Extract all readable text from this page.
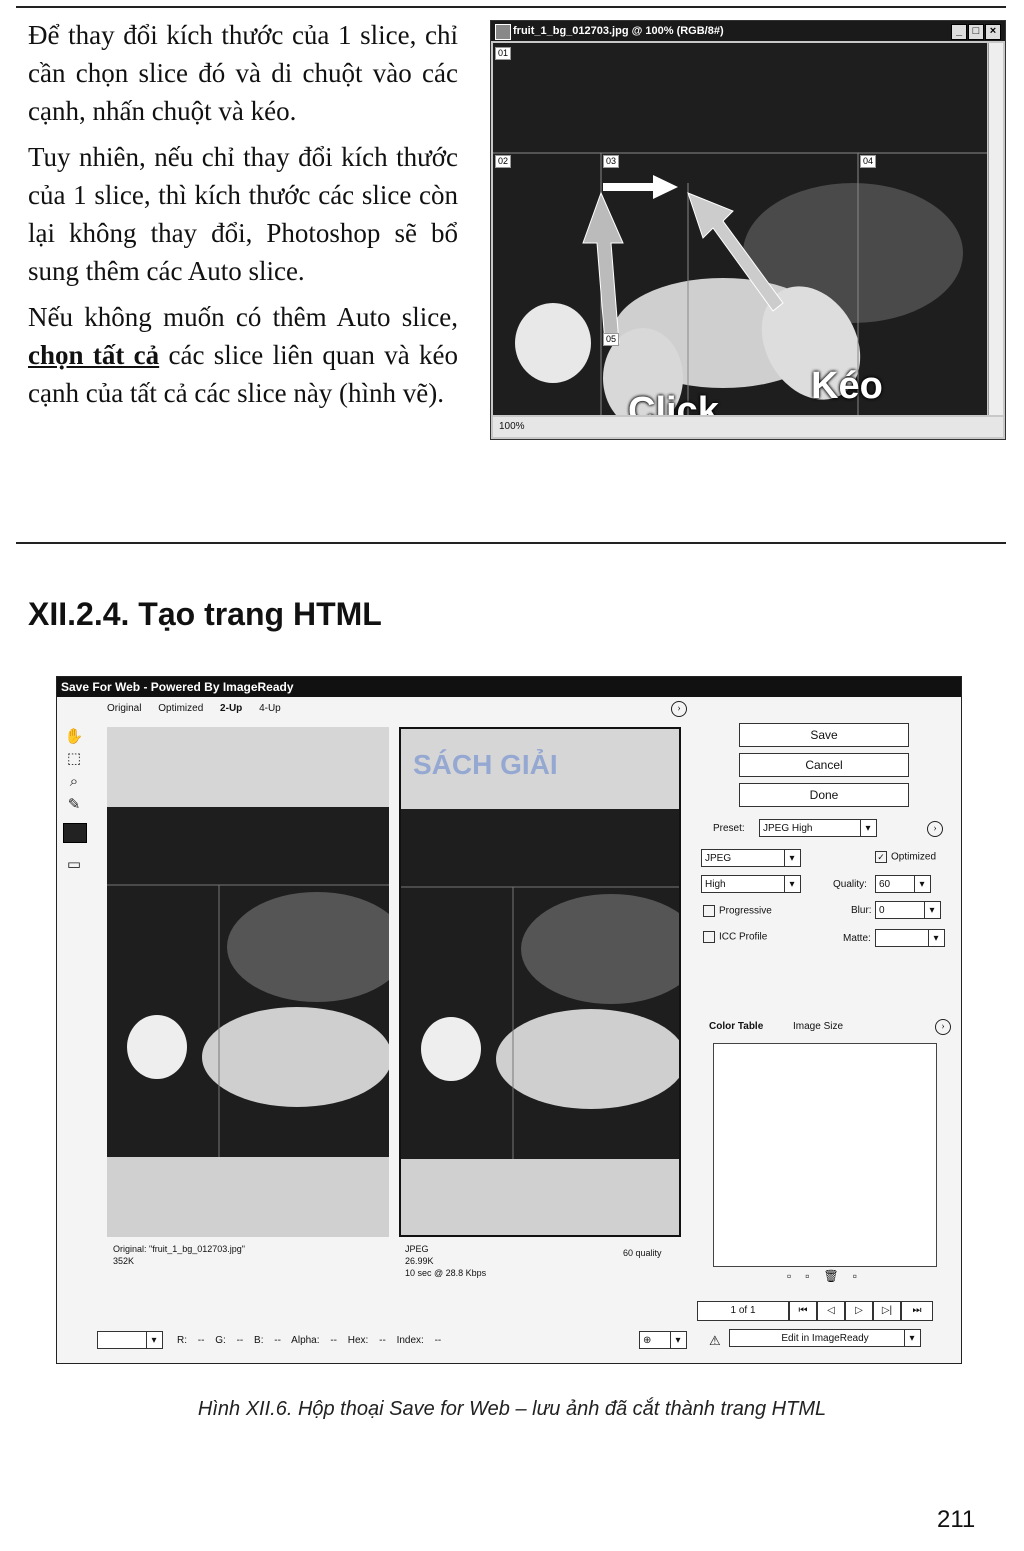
Để thay đổi kích thước của 1 slice, chỉ cần chọn slice đó và di chuột vào các cạnh, nhấn chuột và kéo.

Tuy nhiên, nếu chỉ thay đổi kích thước của 1 slice, thì kích thước các slice còn lại không thay đổi, Photoshop sẽ bổ sung thêm các Auto slice.

Nếu không muốn có thêm Auto slice, chọn tất cả các slice liên quan và kéo cạnh của tất cả các slice này (hình vẽ).

fruit_1_bg_012703.jpg @ 100% (RGB/8#)	_ □ ×
01
02	03	04
05
Kéo
100%
XII.2.4. Tạo trang HTML
Save For Web - Powered By ImageReady
Original Optimized 2-Up 4-Up	›
✋
⬚
⌕
✎
▭
SÁCH GIẢI
Original: "fruit_1_bg_012703.jpg"
352K
JPEG
26.99K
10 sec @ 28.8 Kbps
60 quality
Save
Cancel
Done
Preset:	JPEG High ▾	›
JPEG ▾	✓ Optimized
High ▾	Quality:	60 ▾
Progressive	Blur: 0 ▾
ICC Profile	Matte:
▾
Color Table	Image Size	›
▫▫🗑▫
1 of 1	⏮	◁	▷	▷|	⏭
▾
R: -- G: -- B: -- Alpha: -- Hex: -- Index: --	⊕ ▾	⚠	Edit in ImageReady ▾
Hình XII.6. Hộp thoại Save for Web – lưu ảnh đã cắt thành trang HTML
211
